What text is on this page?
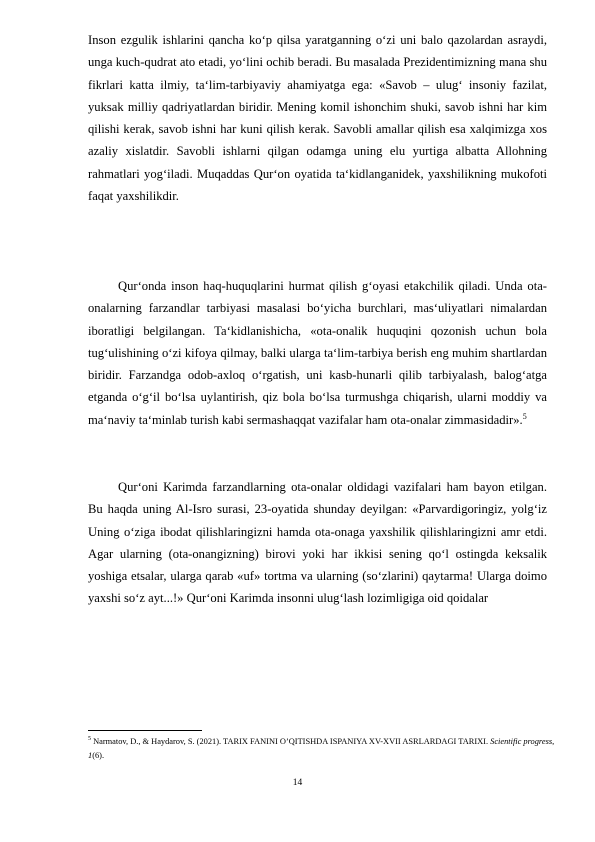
Inson ezgulik ishlarini qancha ko‘p qilsa yaratganning o‘zi uni balo qazolardan asraydi, unga kuch-qudrat ato etadi, yo‘lini ochib beradi. Bu masalada Prezidentimizning mana shu fikrlari katta ilmiy, ta‘lim-tarbiyaviy ahamiyatga ega: «Savob – ulug‘ insoniy fazilat, yuksak milliy qadriyatlardan biridir. Mening komil ishonchim shuki, savob ishni har kim qilishi kerak, savob ishni har kuni qilish kerak. Savobli amallar qilish esa xalqimizga xos azaliy xislatdir. Savobli ishlarni qilgan odamga uning elu yurtiga albatta Allohning rahmatlari yog‘iladi. Muqaddas Qur‘on oyatida ta‘kidlanganidek, yaxshilikning mukofoti faqat yaxshilikdir.

Qur‘onda inson haq-huquqlarini hurmat qilish g‘oyasi etakchilik qiladi. Unda ota-onalarning farzandlar tarbiyasi masalasi bo‘yicha burchlari, mas‘uliyatlari nimalardan iboratligi belgilangan. Ta‘kidlanishicha, «ota-onalik huquqini qozonish uchun bola tug‘ulishining o‘zi kifoya qilmay, balki ularga ta‘lim-tarbiya berish eng muhim shartlardan biridir. Farzandga odob-axloq o‘rgatish, uni kasb-hunarli qilib tarbiyalash, balog‘atga etganda o‘g‘il bo‘lsa uylantirish, qiz bola bo‘lsa turmushga chiqarish, ularni moddiy va ma‘naviy ta‘minlab turish kabi sermashaqqat vazifalar ham ota-onalar zimmasidadir».$^5$

Qur‘oni Karimda farzandlarning ota-onalar oldidagi vazifalari ham bayon etilgan. Bu haqda uning Al-Isro surasi, 23-oyatida shunday deyilgan: «Parvardigoringiz, yolg‘iz Uning o‘ziga ibodat qilishlaringizni hamda ota-onaga yaxshilik qilishlaringizni amr etdi. Agar ularning (ota-onangizning) birovi yoki har ikkisi sening qo‘l ostingda keksalik yoshiga etsalar, ularga qarab «uf» tortma va ularning (so‘zlarini) qaytarma! Ularga doimo yaxshi so‘z ayt...!» Qur‘oni Karimda insonni ulug‘lash lozimligiga oid qoidalar

$^5$ Narmatov, D., & Haydarov, S. (2021). TARIX FANINI O’QITISHDA ISPANIYA XV-XVII ASRLARDAGI TARIXI. Scientific progress, 1(6).

14
